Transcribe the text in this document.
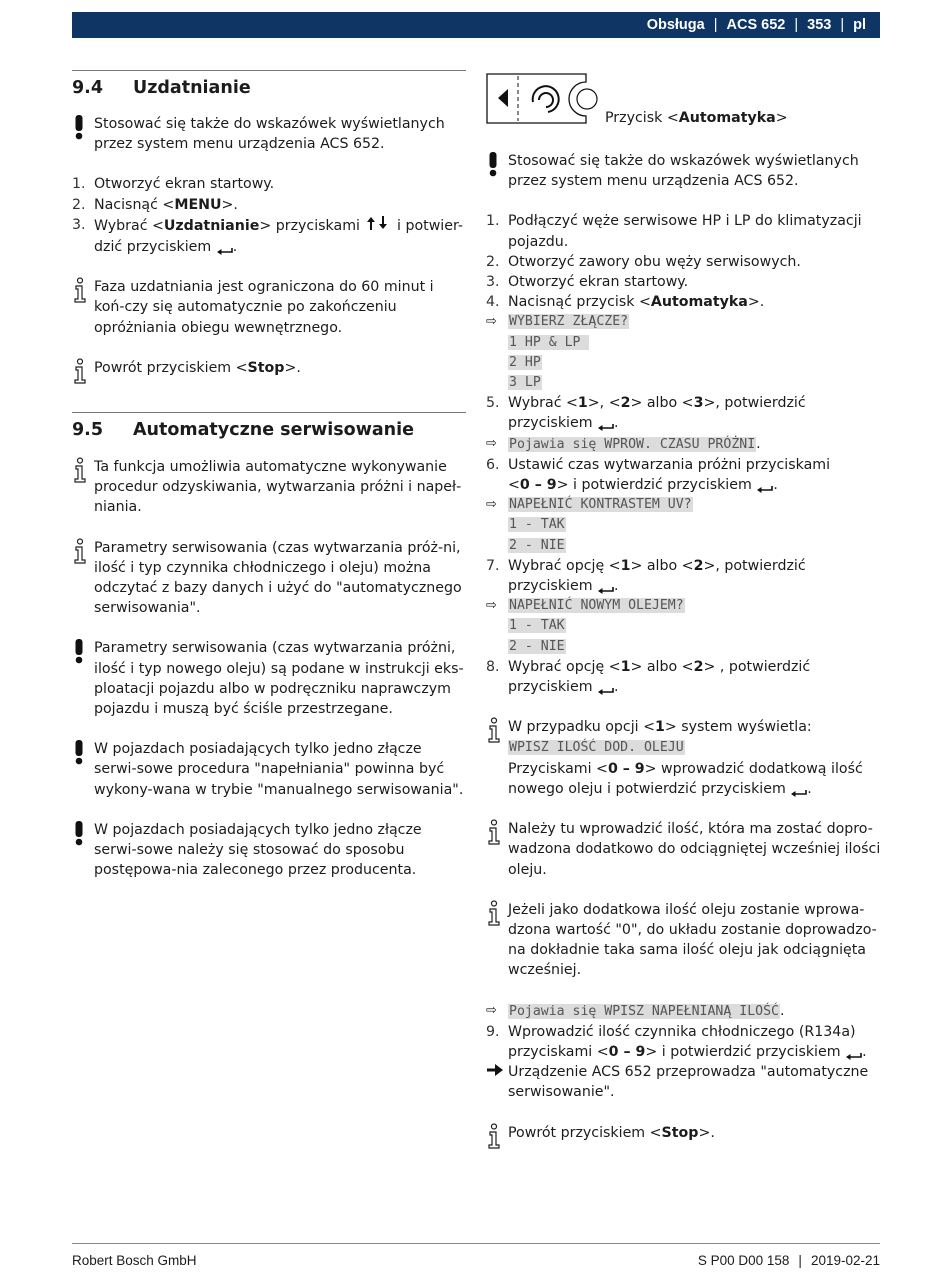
Obsługa | ACS 652 | 353 | pl
9.4 Uzdatnianie
Stosować się także do wskazówek wyświetlanych przez system menu urządzenia ACS 652.
1. Otworzyć ekran startowy.
2. Nacisnąć <MENU>.
3. Wybrać <Uzdatnianie> przyciskami	i potwier-dzić przyciskiem .
Faza uzdatniania jest ograniczona do 60 minut i koń-czy się automatycznie po zakończeniu opróżniania obiegu wewnętrznego.
Powrót przyciskiem <Stop>.
9.5 Automatyczne serwisowanie
Ta funkcja umożliwia automatyczne wykonywanie procedur odzyskiwania, wytwarzania próżni i napeł-niania.
Parametry serwisowania (czas wytwarzania próż-ni, ilość i typ czynnika chłodniczego i oleju) można odczytać z bazy danych i użyć do "automatycznego serwisowania".
Parametry serwisowania (czas wytwarzania próżni, ilość i typ nowego oleju) są podane w instrukcji eks-ploatacji pojazdu albo w podręczniku naprawczym pojazdu i muszą być ściśle przestrzegane.
W pojazdach posiadających tylko jedno złącze serwi-sowe procedura "napełniania" powinna być wykony-wana w trybie "manualnego serwisowania".
W pojazdach posiadających tylko jedno złącze serwi-sowe należy się stosować do sposobu postępowa-nia zaleconego przez producenta.
Przycisk <Automatyka>
Stosować się także do wskazówek wyświetlanych przez system menu urządzenia ACS 652.
1. Podłączyć węże serwisowe HP i LP do klimatyzacji pojazdu.
2. Otworzyć zawory obu węży serwisowych.
3. Otworzyć ekran startowy.
4. Nacisnąć przycisk <Automatyka>.
⇨ WYBIERZ ZŁĄCZE?
1 HP & LP
2 HP
3 LP
5. Wybrać <1>, <2> albo <3>, potwierdzić przyciskiem .
⇨ Pojawia się WPROW. CZASU PRÓŻNI.
6. Ustawić czas wytwarzania próżni przyciskami
<0 – 9> i potwierdzić przyciskiem .
⇨ NAPEŁNIĆ KONTRASTEM UV?
1 - TAK
2 - NIE
7. Wybrać opcję <1> albo <2>, potwierdzić przyciskiem .
⇨ NAPEŁNIĆ NOWYM OLEJEM?
1 - TAK
2 - NIE
8. Wybrać opcję <1> albo <2> , potwierdzić przyciskiem .
W przypadku opcji <1> system wyświetla:
WPISZ ILOŚĆ DOD. OLEJU
Przyciskami <0 – 9> wprowadzić dodatkową ilość nowego oleju i potwierdzić przyciskiem .
Należy tu wprowadzić ilość, która ma zostać dopro-wadzona dodatkowo do odciągniętej wcześniej ilości oleju.
Jeżeli jako dodatkowa ilość oleju zostanie wprowa-dzona wartość "0", do układu zostanie doprowadzo-na dokładnie taka sama ilość oleju jak odciągnięta wcześniej.
⇨ Pojawia się WPISZ NAPEŁNIANĄ ILOŚĆ.
9. Wprowadzić ilość czynnika chłodniczego (R134a) przyciskami <0 – 9> i potwierdzić przyciskiem .
Urządzenie ACS 652 przeprowadza "automatyczne serwisowanie".
Powrót przyciskiem <Stop>.
Robert Bosch GmbH	S P00 D00 158 | 2019-02-21
